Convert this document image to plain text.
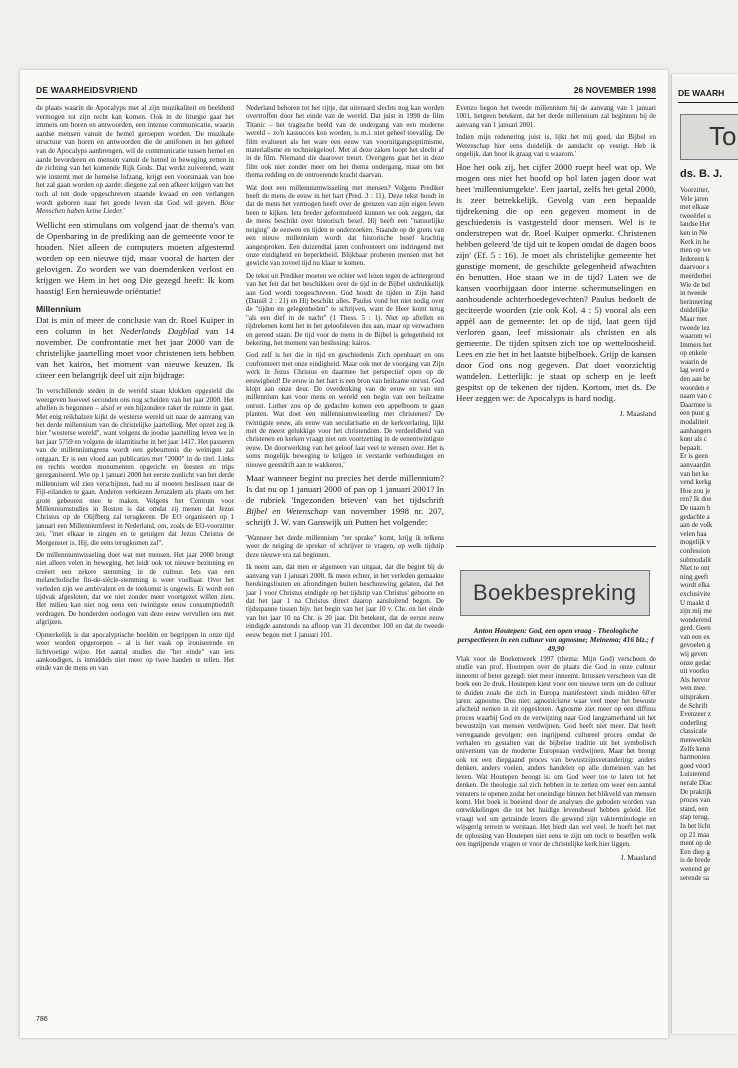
DE WAARHEIDSVRIEND	26 NOVEMBER 1998

de plaats waarin de Apocalyps met al zijn muzikaliteit en beeldend vermogen tot zijn recht kan komen. Ook in de liturgie gaat het immers om horen en antwoorden, een intense communicatie, waarin aardse mensen vanuit de hemel geroepen worden. De muzikale structuur van horen en antwoorden die de antifonen in het geheel van de Apocalyps aanbrengen, wil de communicatie tussen hemel en aarde bevorderen en mensen vanuit de hemel in beweging zetten in de richting van het komende Rijk Gods. Dat werkt zuiverend, want wie instemt met de hemelse lofzang, krijgt een voorsmaak van hoe het zal gaan worden op aarde: diegene zal een afkeer krijgen van het toch al ten dode opgeschreven staande kwaad en een verlangen wordt geboren naar het goede leven dat God wil geven. Böse Menschen haben keine Lieder.'

Wellicht een stimulans om volgend jaar de thema's van de Openbaring in de prediking aan de gemeente voor te houden. Niet alleen de computers moeten afgestemd worden op een nieuwe tijd, maar vooral de harten der gelovigen. Zo worden we van doemdenken verlost en krijgen we Hem in het oog Die gezegd heeft: Ik kom haastig! Een hernieuwde oriëntatie!

Millennium

Dat is min of meer de conclusie van dr. Roel Kuiper in een column in het Nederlands Dagblad van 14 november. De confrontatie met het jaar 2000 van de christelijke jaartelling moet voor christenen iets hebben van het kairos, het moment van nieuwe keuzen. Ik citeer een belangrijk deel uit zijn bijdrage:

'In verschillende steden in de wereld staan klokken opgesteld die weergeven hoeveel seconden ons nog scheiden van het jaar 2000. Het aftellen is begonnen – alsof er een bijzondere raket de ruimte in gaat. Met enig reikhalzen kijkt de westerse wereld uit naar de aanvang van het derde millennium van de christelijke jaartelling. Met opzet zeg ik hier "westerse wereld", want volgens de joodse jaartelling leven we in het jaar 5759 en volgens de islamitische in het jaar 1417. Het passeren van de millenniumgrens wordt een gebeurtenis die weinigen zal ontgaan. Er is een vloed aan publicaties met "2000" in de titel. Links en rechts worden monumenten opgericht en feesten en trips georganiseerd. Wie op 1 januari 2000 het eerste zonlicht van het derde millennium wil zien verschijnen, had nu al moeten beslissen naar de Fiji-eilanden te gaan. Anderen verkiezen Jeruzalem als plaats om het grote gebeuren mee te maken. Volgens het Centrum voor Millenniumstudies in Boston is dat omdat zij menen dat Jezus Christus op de Olijfberg zal terugkeren. De EO organiseert op 1 januari een Millenniumfeest in Nederland, om, zoals de EO-voorzitter zei, "met elkaar te zingen en te getuigen dat Jezus Christus de Morgenster is. Hij, die eens terugkomen zal".

De millenniumwisseling doet wat met mensen. Het jaar 2000 brengt niet alleen velen in beweging, het leidt ook tot nieuwe bezinning en creëert een zekere stemming in de cultuur. Iets van een melancholische fin-de-siècle-stemming is weer voelbaar. Over het verleden zijn we ambivalent en de toekomst is ongewis. Er wordt een tijdvak afgesloten, dat we niet zonder meer voortgezet willen zien. Het milieu kan niet nog eens een twintigste eeuw consumptiedrift verdragen. De honderden oorlogen van deze eeuw vervullen ons met afgrijzen.

Opmerkelijk is dat apocalyptische beelden en begrippen in onze tijd weer worden opgeroepen – al is het vaak op ironiserende en lichtvoetige wijze. Het aantal studies die "het einde" van iets aankondigen, is inmiddels niet meer op twee handen te tellen. Het einde van de mens en van

Nederland behoren tot het rijtje, dat uiteraard slechts nog kan worden overtroffen door het einde van de wereld. Dat juist in 1998 de film Titanic – het tragische beeld van de ondergang van een moderne wereld – zo'n kassucces kon worden, is m.i. niet geheel toevallig. De film evalueert als het ware een eeuw van vooruitgangsoptimisme, materialisme en techniekgeloof. Met al deze zaken loopt het slecht af in de film. Niemand die daarover treurt. Overigens gaat het in deze film ook niet zonder meer om het thema ondergang, maar om het thema redding en de ontroerende kracht daarvan.

Wat doet een millenniumwisseling met mensen? Volgens Prediker heeft de mens de eeuw in het hart (Pred. 3 : 11). Deze tekst houdt in dat de mens het vermogen heeft over de grenzen van zijn eigen leven heen te kijken. Iets breder geformuleerd kunnen we ook zeggen, dat de mens beschikt over historisch besef. Hij heeft een "natuurlijke neiging" de eeuwen en tijden te onderzoeken. Staande op de grens van een nieuw millennium wordt dat historische besef krachtig aangesproken. Een duizendtal jaren confronteert ons indringend met onze eindigheid en beperktheid. Blijkbaar proberen mensen met het gewicht van zoveel tijd nu klaar te komen.

De tekst uit Prediker moeten we echter wel lezen tegen de achtergrond van het feit dat het beschikken over de tijd in de Bijbel uitdrukkelijk aan God wordt toegeschreven. God houdt de tijden in Zijn hand (Daniël 2 : 21) en Hij beschikt alles. Paulus vond het niet nodig over de "tijden en gelegenheden" te schrijven, want de Heer komt terug "als een dief in de nacht" (1 Thess. 5 : 1). Niet op aftellen en tijdrekenen komt het in het geloofsleven dus aan, maar op verwachten en gereed staan. De tijd voor de mens in de Bijbel is gelegenheid tot bekering, het moment van beslissing: kairos.

God zelf is het die in tijd en geschiedenis Zich openbaart en ons confronteert met onze eindigheid. Maar ook met de voorgang van Zijn werk in Jezus Christus en daarmee het perspectief open op de eeuwigheid! De eeuw in het hart is een bron van heilzame onrust. God klopt aan onze deur. De overdenking van de eeuw en van een millennium kan voor mens en wereld een begin van een heilzame onrust. Luther zou op de gedachte komen een appelboom te gaan planten. Wat doet een millenniumwisseling met christenen? De twintigste eeuw, als eeuw van secularisatie en de kerkverlating, lijkt met de meest gelukkige voor het christendom. De verdeeldheid van christenen en kerken vraagt niet om voortzetting in de eenentwintigste eeuw. De doorwerking van het geloof laat veel te wensen over. Het is soms mogelijk beweging te krijgen in verstarde verhoudingen en nieuwe geestdrift aan te wakkeren.'

Maar wanneer begint nu precies het derde millennium? Is dat nu op 1 januari 2000 of pas op 1 januari 2001? In de rubriek 'Ingezonden brieven' van het tijdschrift Bijbel en Wetenschap van november 1998 nr. 207, schrijft J. W. van Ganswijk uit Putten het volgende:

'Wanneer het derde millennium "ter sprake" komt, krijg ik telkens weer de neiging de spreker of schrijver te vragen, op welk tijdstip deze nieuwe era zal beginnen.

Ik neem aan, dat men er algemeen van uitgaat, dat die begint bij de aanvang van 1 januari 2000. Ik meen echter, in het verleden gemaakte berekingsfouten en afrondingen buiten beschouwing gelaten, dat het jaar 1 voor Christus eindigde op het tijdstip van Christus' geboorte en dat het jaar 1 na Christus direct daarop aansluitend begon. De tijdsspanne tussen bijv. het begin van het jaar 10 v. Chr. en het einde van het jaar 10 na Chr. is 20 jaar. Dit betekent, dat de eerste eeuw eindigde aanstonds na afloop van 31 december 100 en dat de tweede eeuw begon met 1 januari 101.

Evenzo begon het tweede millennium bij de aanvang van 1 januari 1001, hetgeen betekent, dat het derde millennium zal beginnen bij de aanvang van 1 januari 2001.

Indien mijn redenering juist is, lijkt het mij goed, dat Bijbel en Wetenschap hier eens duidelijk de aandacht op vestigt. Heb ik ongelijk, dan hoor ik graag van u waarom.'

Hoe het ook zij, het cijfer 2000 roept heel wat op. We mogen ons niet het hoofd op hol laten jagen door wat heet 'millenniumgekte'. Een jaartal, zelfs het getal 2000, is zeer betrekkelijk. Gevolg van een bepaalde tijdrekening die op een gegeven moment in de geschiedenis is vastgesteld door mensen. Wel is te onderstrepen wat dr. Roel Kuiper opmerkt. Christenen hebben geleerd 'de tijd uit te kopen omdat de dagen boos zijn' (Ef. 5 : 16). Je moet als christelijke gemeente het gunstige moment, de geschikte gelegenheid afwachten én benutten. Hoe staan we in de tijd? Laten we de kansen voorbijgaan door interne schermutselingen en aanhoudende achterhoedegevechten? Paulus bedoelt de geciteerde woorden (zie ook Kol. 4 : 5) vooral als een appèl aan de gemeente: let op de tijd, laat geen tijd verloren gaan, leef missionair als christen en als gemeente. De tijden spitsen zich toe op wetteloosheid. Lees en zie het in het laatste bijbelboek. Grijp de kansen door God ons nog gegeven. Dat doet voorzichtig wandelen. Letterlijk: je staat op scherp en je leeft gespitst op de tekenen der tijden. Kortom, met ds. De Heer zeggen we: de Apocalyps is hard nodig.

J. Maasland
Boekbespreking
Anton Houtepen: God, een open vraag - Theologische perspectieven in een cultuur van agnosme; Meinema; 416 blz.; ƒ 49,90

Vlak voor de Boekenweek 1997 (thema: Mijn God) verscheen de studie van prof. Houtepen over de plaats die God in onze cultuur inneemt of beter gezegd: niet meer inneemt. Intussen verscheen van dit boek een 2e druk. Houtepen kiest voor een nieuwe term om de cultuur te duiden zoals die zich in Europa manifesteert sinds midden 60'er jaren: agnosme. Dus niet: agnosticisme waar veel meer het bewuste afscheid nemen in zit opgesloten. Agnosme ziet meer op een diffuus proces waarbij God en de verwijzing naar God langzamerhand uit het bewustzijn van mensen verdwijnen. God heeft niet meer. Dat heeft verregaande gevolgen: een ingrijpend cultureel proces omdat de verhalen en gestalten van de bijbelse traditie uit het symbolisch universum van de moderne Europeaan verdwijnen. Maar het brengt ook tot een diepgaand proces van bewustzijnsverandering: anders denken, anders voelen, anders handelen op alle domeinen van het leven. Wat Houtepen beoogt is: om God weer toe te laten tot het denken. De theologie zal zich hebben in te zetten om weer een aantal vensters te openen zodat het oneindige binnen het blikveld van mensen komt. Het boek is boeiend door de analyses die geboden worden van ontwikkelingen die tot het huidige levensbesef hebben geleid. Het vraagt wel om getrainde lezers die gewend zijn vakterminologie en wijsgerig terrein te verstaan. Het biedt dan wel veel. Je hoeft het met de oplossing van Houtepen niet eens te zijn om toch te beseffen welk een ingrijpende vragen er voor de christelijke kerk hier liggen.

J. Maasland
786
DE WAARH
To
ds. B. J.
Voorzitter,
Vele jaren
met elkaar
tweeërlei u
landse Her
ken in Ne
Kerk in he
men op we
Iedereen k
daarvoor s
meerderhei
Wie de bel
in tweede
herinnering
duidelijke
Maar met
tweede lez
waarom wi
Immers het
op enkele
waarin de
lag werd e
den aan be
woorden e
naam van c
Daarmee is
een puur g
modaliteit
aanhangers
kunt als c
bepaalt.
Er is geen
aanvaardin
van het ke
vend kerkg
Hoe zou je
ren? Ik doe
De naam b
gedachte a
aan de volk
velen haa
mogelijk v
confession
submodalit
Niet te ont
ning geeft
wordt elka
exclusivite
U maakt d
zijn mij me
wonderend
gerd. Geen
van een ex
gevoelen g
wij geven
onze gedac
uit voorko
Als hervor
wen mee.
uitspraken
de Schrift
Evenzeer z
onderling
classicale
menwerkin
Zelfs kenn
harmonieu
goed voorl
Luisterend
nerale Diac
De praktijk
proces van
stand, een
stap terug.
In het licht
op 21 maa
ment op de
Een diep g
is de brede
wenend ge
serende sa
